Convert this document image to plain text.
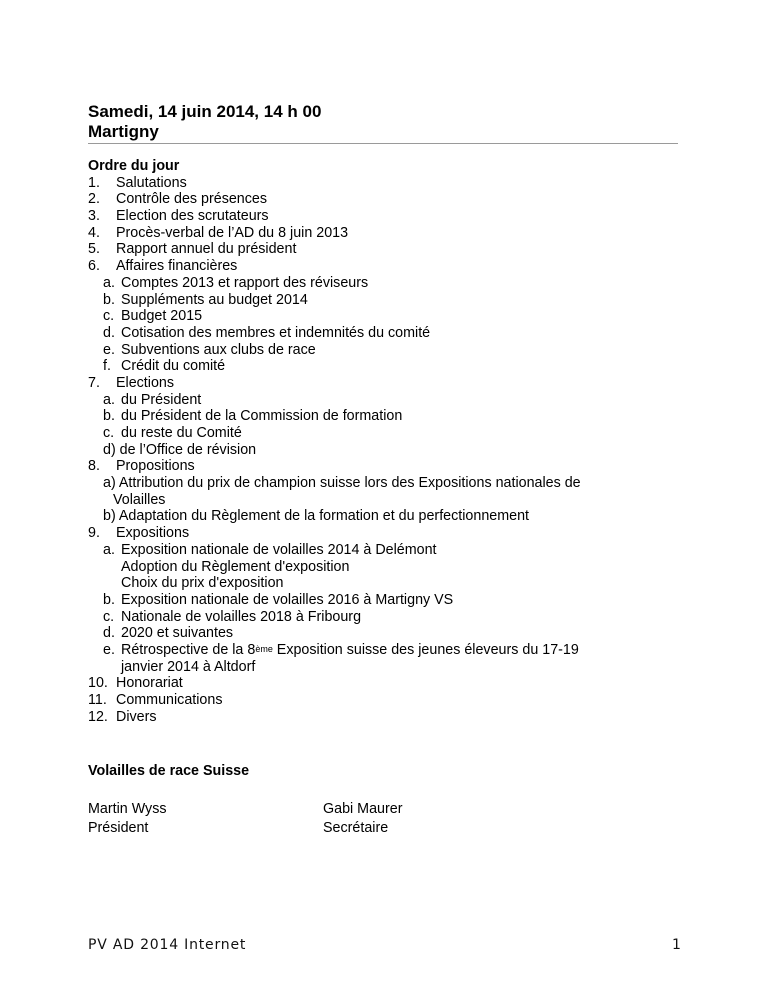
Samedi, 14 juin 2014, 14 h 00
Martigny
Ordre du jour
1. Salutations
2. Contrôle des présences
3. Election des scrutateurs
4. Procès-verbal de l’AD du 8 juin 2013
5. Rapport annuel du président
6. Affaires financières
a. Comptes 2013 et rapport des réviseurs
b. Suppléments au budget 2014
c. Budget 2015
d. Cotisation des membres et indemnités du comité
e. Subventions aux clubs de race
f. Crédit du comité
7. Elections
a. du Président
b. du Président de la Commission de formation
c. du reste du Comité
d) de l’Office de révision
8. Propositions
a) Attribution du prix de champion suisse lors des Expositions nationales de
Volailles
b) Adaptation du Règlement de la formation et du perfectionnement
9. Expositions
a. Exposition nationale de volailles 2014 à Delémont
Adoption du Règlement d'exposition
Choix du prix d'exposition
b. Exposition nationale de volailles 2016 à Martigny VS
c. Nationale de volailles 2018 à Fribourg
d. 2020 et suivantes
e. Rétrospective de la 8ème Exposition suisse des jeunes éleveurs du 17-19
janvier 2014 à Altdorf
10. Honorariat
11. Communications
12. Divers
Volailles de race Suisse
Martin Wyss
Président
Gabi Maurer
Secrétaire
PV AD 2014 Internet	1
